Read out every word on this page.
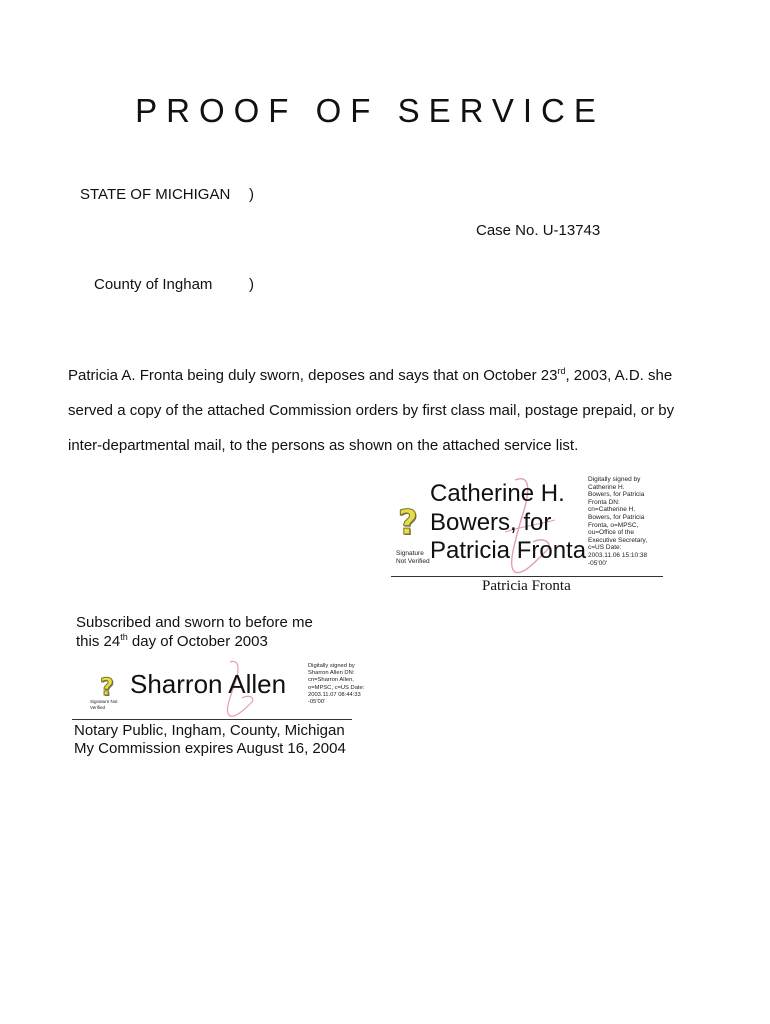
PROOF OF SERVICE
STATE OF MICHIGAN )
Case No. U-13743
County of Ingham )
Patricia A. Fronta being duly sworn, deposes and says that on October 23rd, 2003, A.D. she
served a copy of the attached Commission orders by first class mail, postage prepaid, or by
inter-departmental mail, to the persons as shown on the attached service list.
?
Signature Not Verified
Catherine H.
Bowers, for
Patricia Fronta
Digitally signed by Catherine H. Bowers, for Patricia Fronta DN: cn=Catherine H. Bowers, for Patricia Fronta, o=MPSC, ou=Office of the Executive Secretary, c=US Date: 2003.11.06 15:10:38 -05'00'
Patricia Fronta
Subscribed and sworn to before me
this 24th day of October 2003
?
Signature Not Verified
Sharron Allen
Digitally signed by Sharron Allen DN: cn=Sharron Allen, o=MPSC, c=US Date: 2003.11.07 08:44:33 -05'00'
Notary Public, Ingham, County, Michigan
My Commission expires August 16, 2004
